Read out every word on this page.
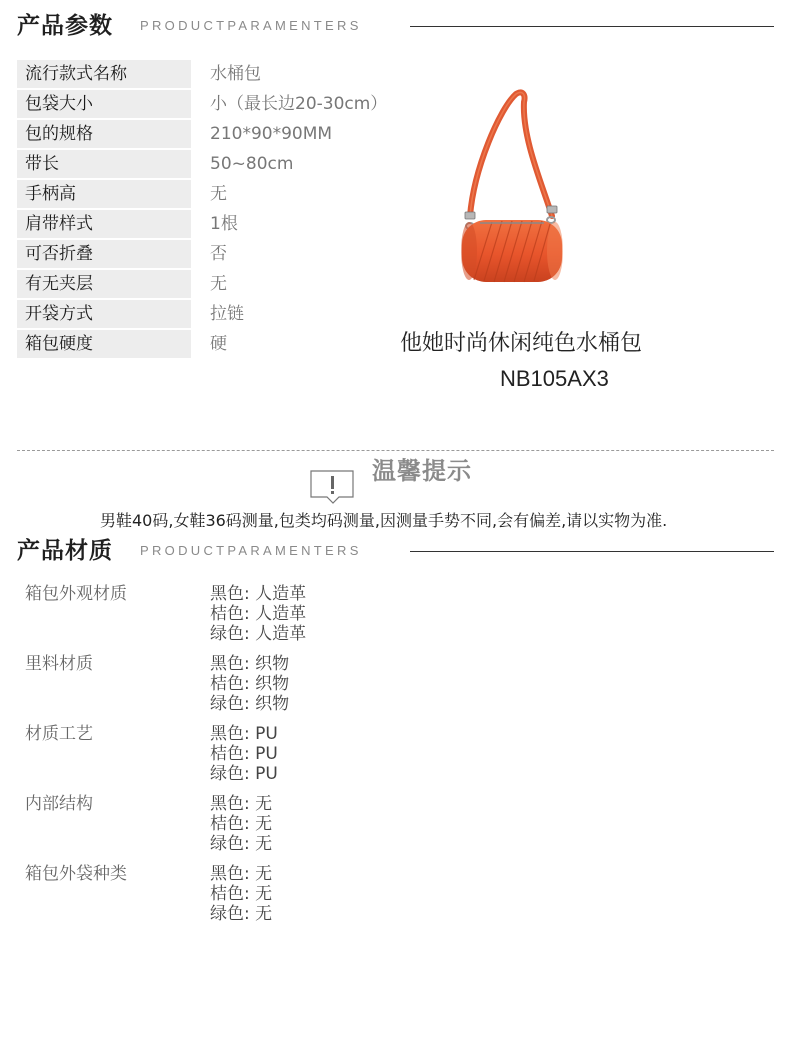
产品参数 PRODUCTPARAMENTERS
流行款式名称	水桶包
包袋大小	小（最长边20-30cm）
包的规格	210*90*90MM
带长	50~80cm
手柄高	无
肩带样式	1根
可否折叠	否
有无夹层	无
开袋方式	拉链
箱包硬度	硬	他她时尚休闲纯色水桶包
NB105AX3
温馨提示
男鞋40码,女鞋36码测量,包类均码测量,因测量手势不同,会有偏差,请以实物为准.
产品材质 PRODUCTPARAMENTERS
箱包外观材质	黑色: 人造革
桔色: 人造革
绿色: 人造革
里料材质	黑色: 织物
桔色: 织物
绿色: 织物
材质工艺	黑色: PU
桔色: PU
绿色: PU
内部结构	黑色: 无
桔色: 无
绿色: 无
箱包外袋种类	黑色: 无
桔色: 无
绿色: 无
